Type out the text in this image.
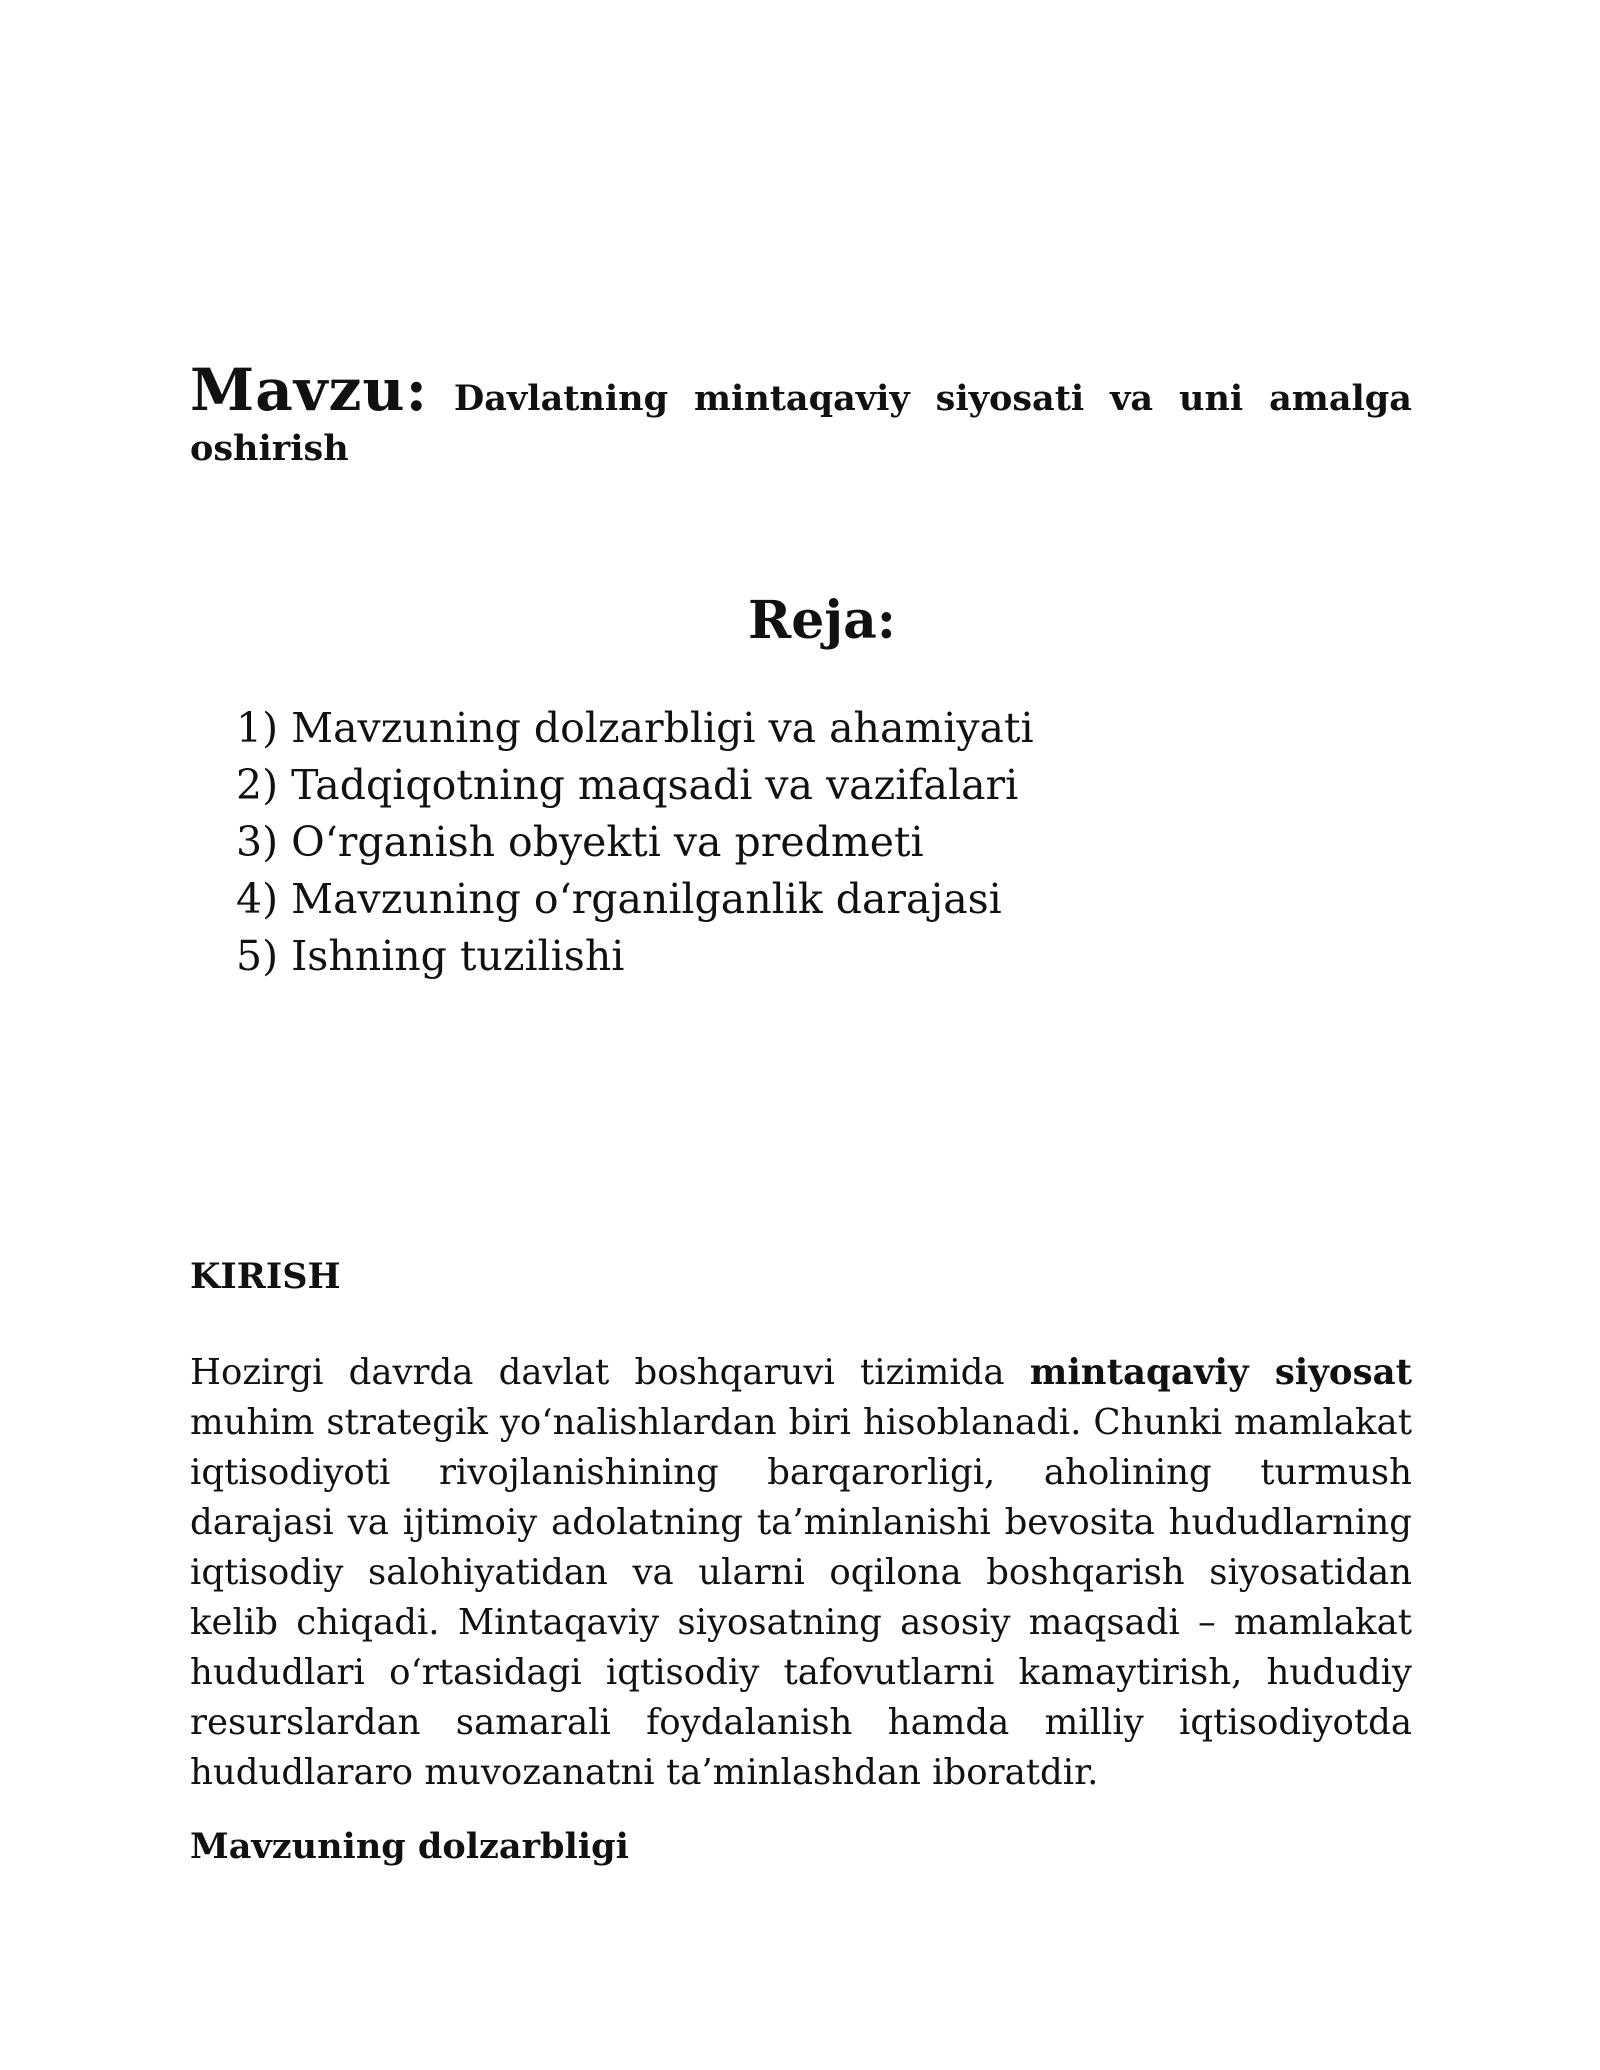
Mavzu: Davlatning mintaqaviy siyosati va uni amalga
oshirish
Reja:
1) Mavzuning dolzarbligi va ahamiyati
2) Tadqiqotning maqsadi va vazifalari
3) O‘rganish obyekti va predmeti
4) Mavzuning o‘rganilganlik darajasi
5) Ishning tuzilishi
KIRISH

Hozirgi davrda davlat boshqaruvi tizimida mintaqaviy siyosat muhim strategik yo‘nalishlardan biri hisoblanadi. Chunki mamlakat iqtisodiyoti rivojlanishining barqarorligi, aholining turmush darajasi va ijtimoiy adolatning ta’minlanishi bevosita hududlarning iqtisodiy salohiyatidan va ularni oqilona boshqarish siyosatidan kelib chiqadi. Mintaqaviy siyosatning asosiy maqsadi – mamlakat hududlari o‘rtasidagi iqtisodiy tafovutlarni kamaytirish, hududiy resurslardan samarali foydalanish hamda milliy iqtisodiyotda hududlararo muvozanatni ta’minlashdan iboratdir.

Mavzuning dolzarbligi
